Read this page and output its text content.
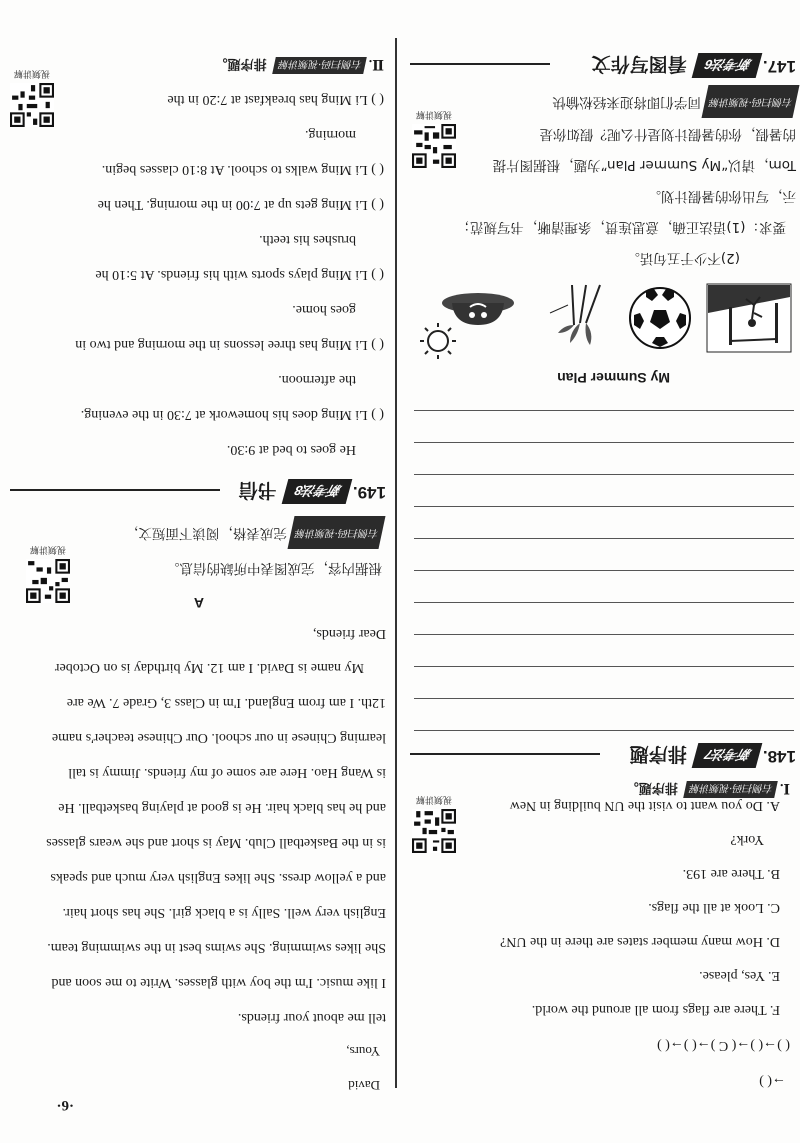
·6·
→( )
( )→( )→( C )→( )→( )
F. There are flags from all around the world.
E. Yes, please.
D. How many member states are there in the UN?
C. Look at all the flags.
B. There are 193.
York?
A. Do you want to visit the UN building in New
视频讲解
Ⅰ. 右侧扫码·视频讲解 排序题。
148.
新考法7
排序题
My Summer Plan
(2)不少于五句话。
要求：(1)语法正确，意思连贯，条理清晰，书写规范；
示，写出你的暑假计划。
Tom，请以“My Summer Plan”为题，根据图片提
的暑假，你的暑假计划是什么呢？假如你是
右侧扫码·视频讲解同学们即将迎来轻松愉快
视频讲解
147.
新考法6
看图写作文
David
Yours,
tell me about your friends.
I like music. I'm the boy with glasses. Write to me soon and
She likes swimming. She swims best in the swimming team.
English very well. Sally is a black girl. She has short hair.
and a yellow dress. She likes English very much and speaks
is in the Basketball Club. May is short and she wears glasses
and he has black hair. He is good at playing basketball. He
is Wang Hao. Here are some of my friends. Jimmy is tall
learning Chinese in our school. Our Chinese teacher's name
12th. I am from England. I'm in Class 3, Grade 7. We are
My name is David. I am 12. My birthday is on October
Dear friends,
A
视频讲解
根据内容，完成图表中所缺的信息。
右侧扫码·视频讲解完成表格，阅读下面短文，
149.
新考法8
书信
He goes to bed at 9:30.
( ) Li Ming does his homework at 7:30 in the evening.
the afternoon.
( ) Li Ming has three lessons in the morning and two in
goes home.
( ) Li Ming plays sports with his friends. At 5:10 he
brushes his teeth.
( ) Li Ming gets up at 7:00 in the morning. Then he
( ) Li Ming walks to school. At 8:10 classes begin.
morning.
( ) Li Ming has breakfast at 7:20 in the
视频讲解
Ⅱ. 右侧扫码·视频讲解 排序题。
